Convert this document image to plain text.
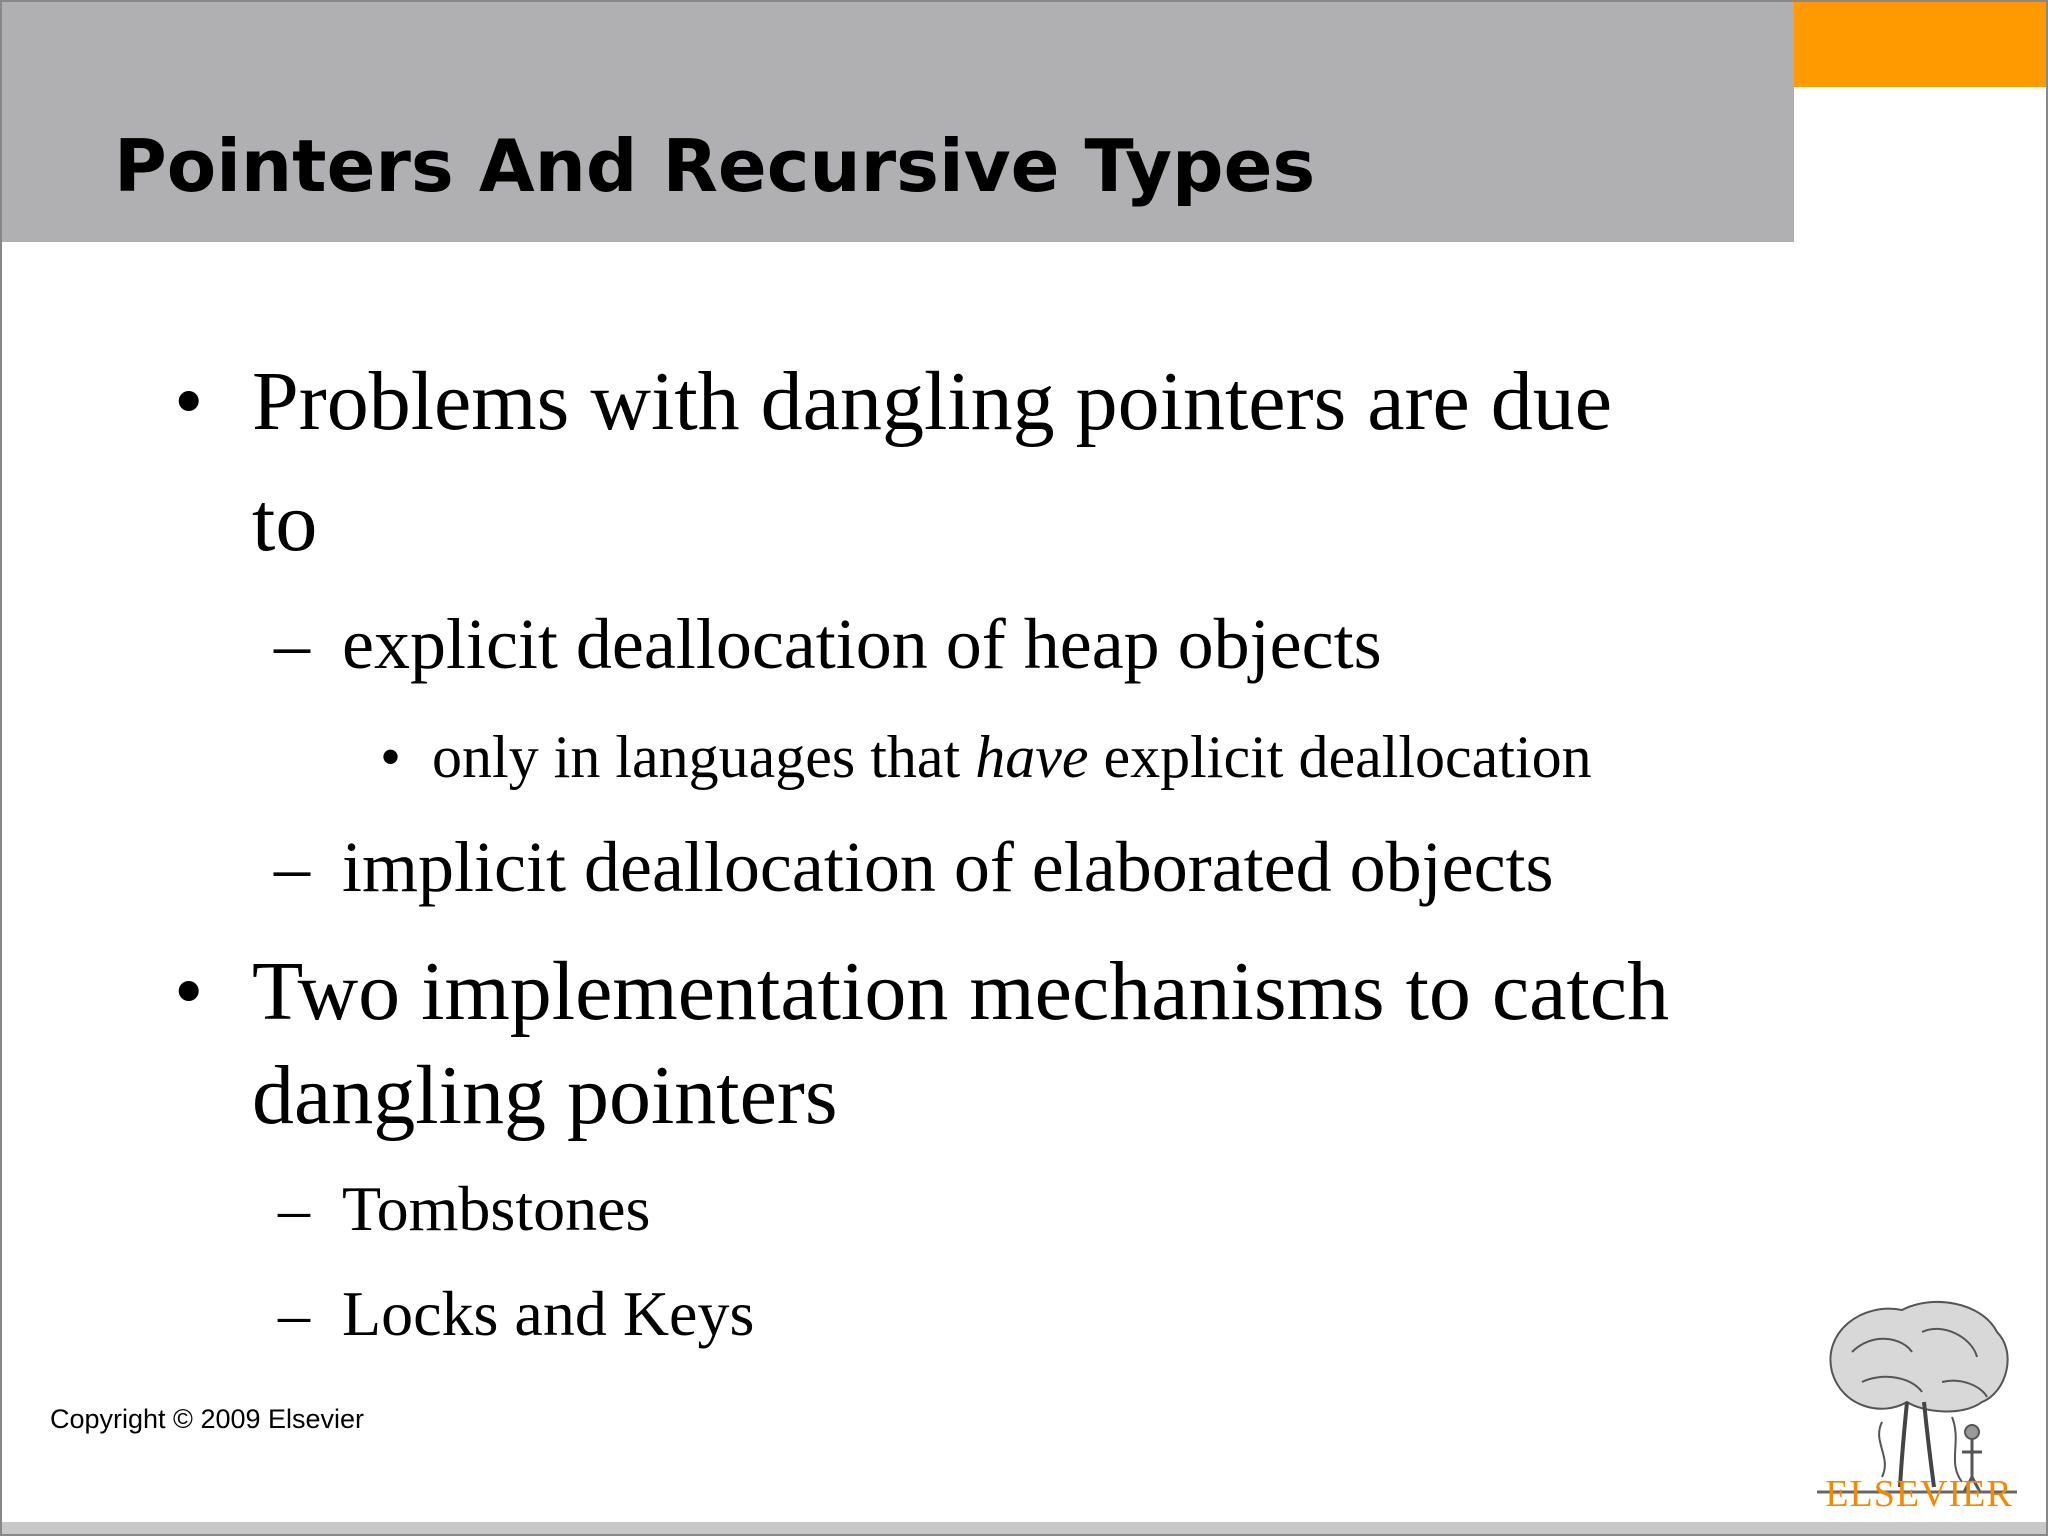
Pointers And Recursive Types
• Problems with dangling pointers are due
to
– explicit deallocation of heap objects
• only in languages that have explicit deallocation
– implicit deallocation of elaborated objects
• Two implementation mechanisms to catch
dangling pointers
– Tombstones
– Locks and Keys
Copyright © 2009 Elsevier
ELSEVIER
